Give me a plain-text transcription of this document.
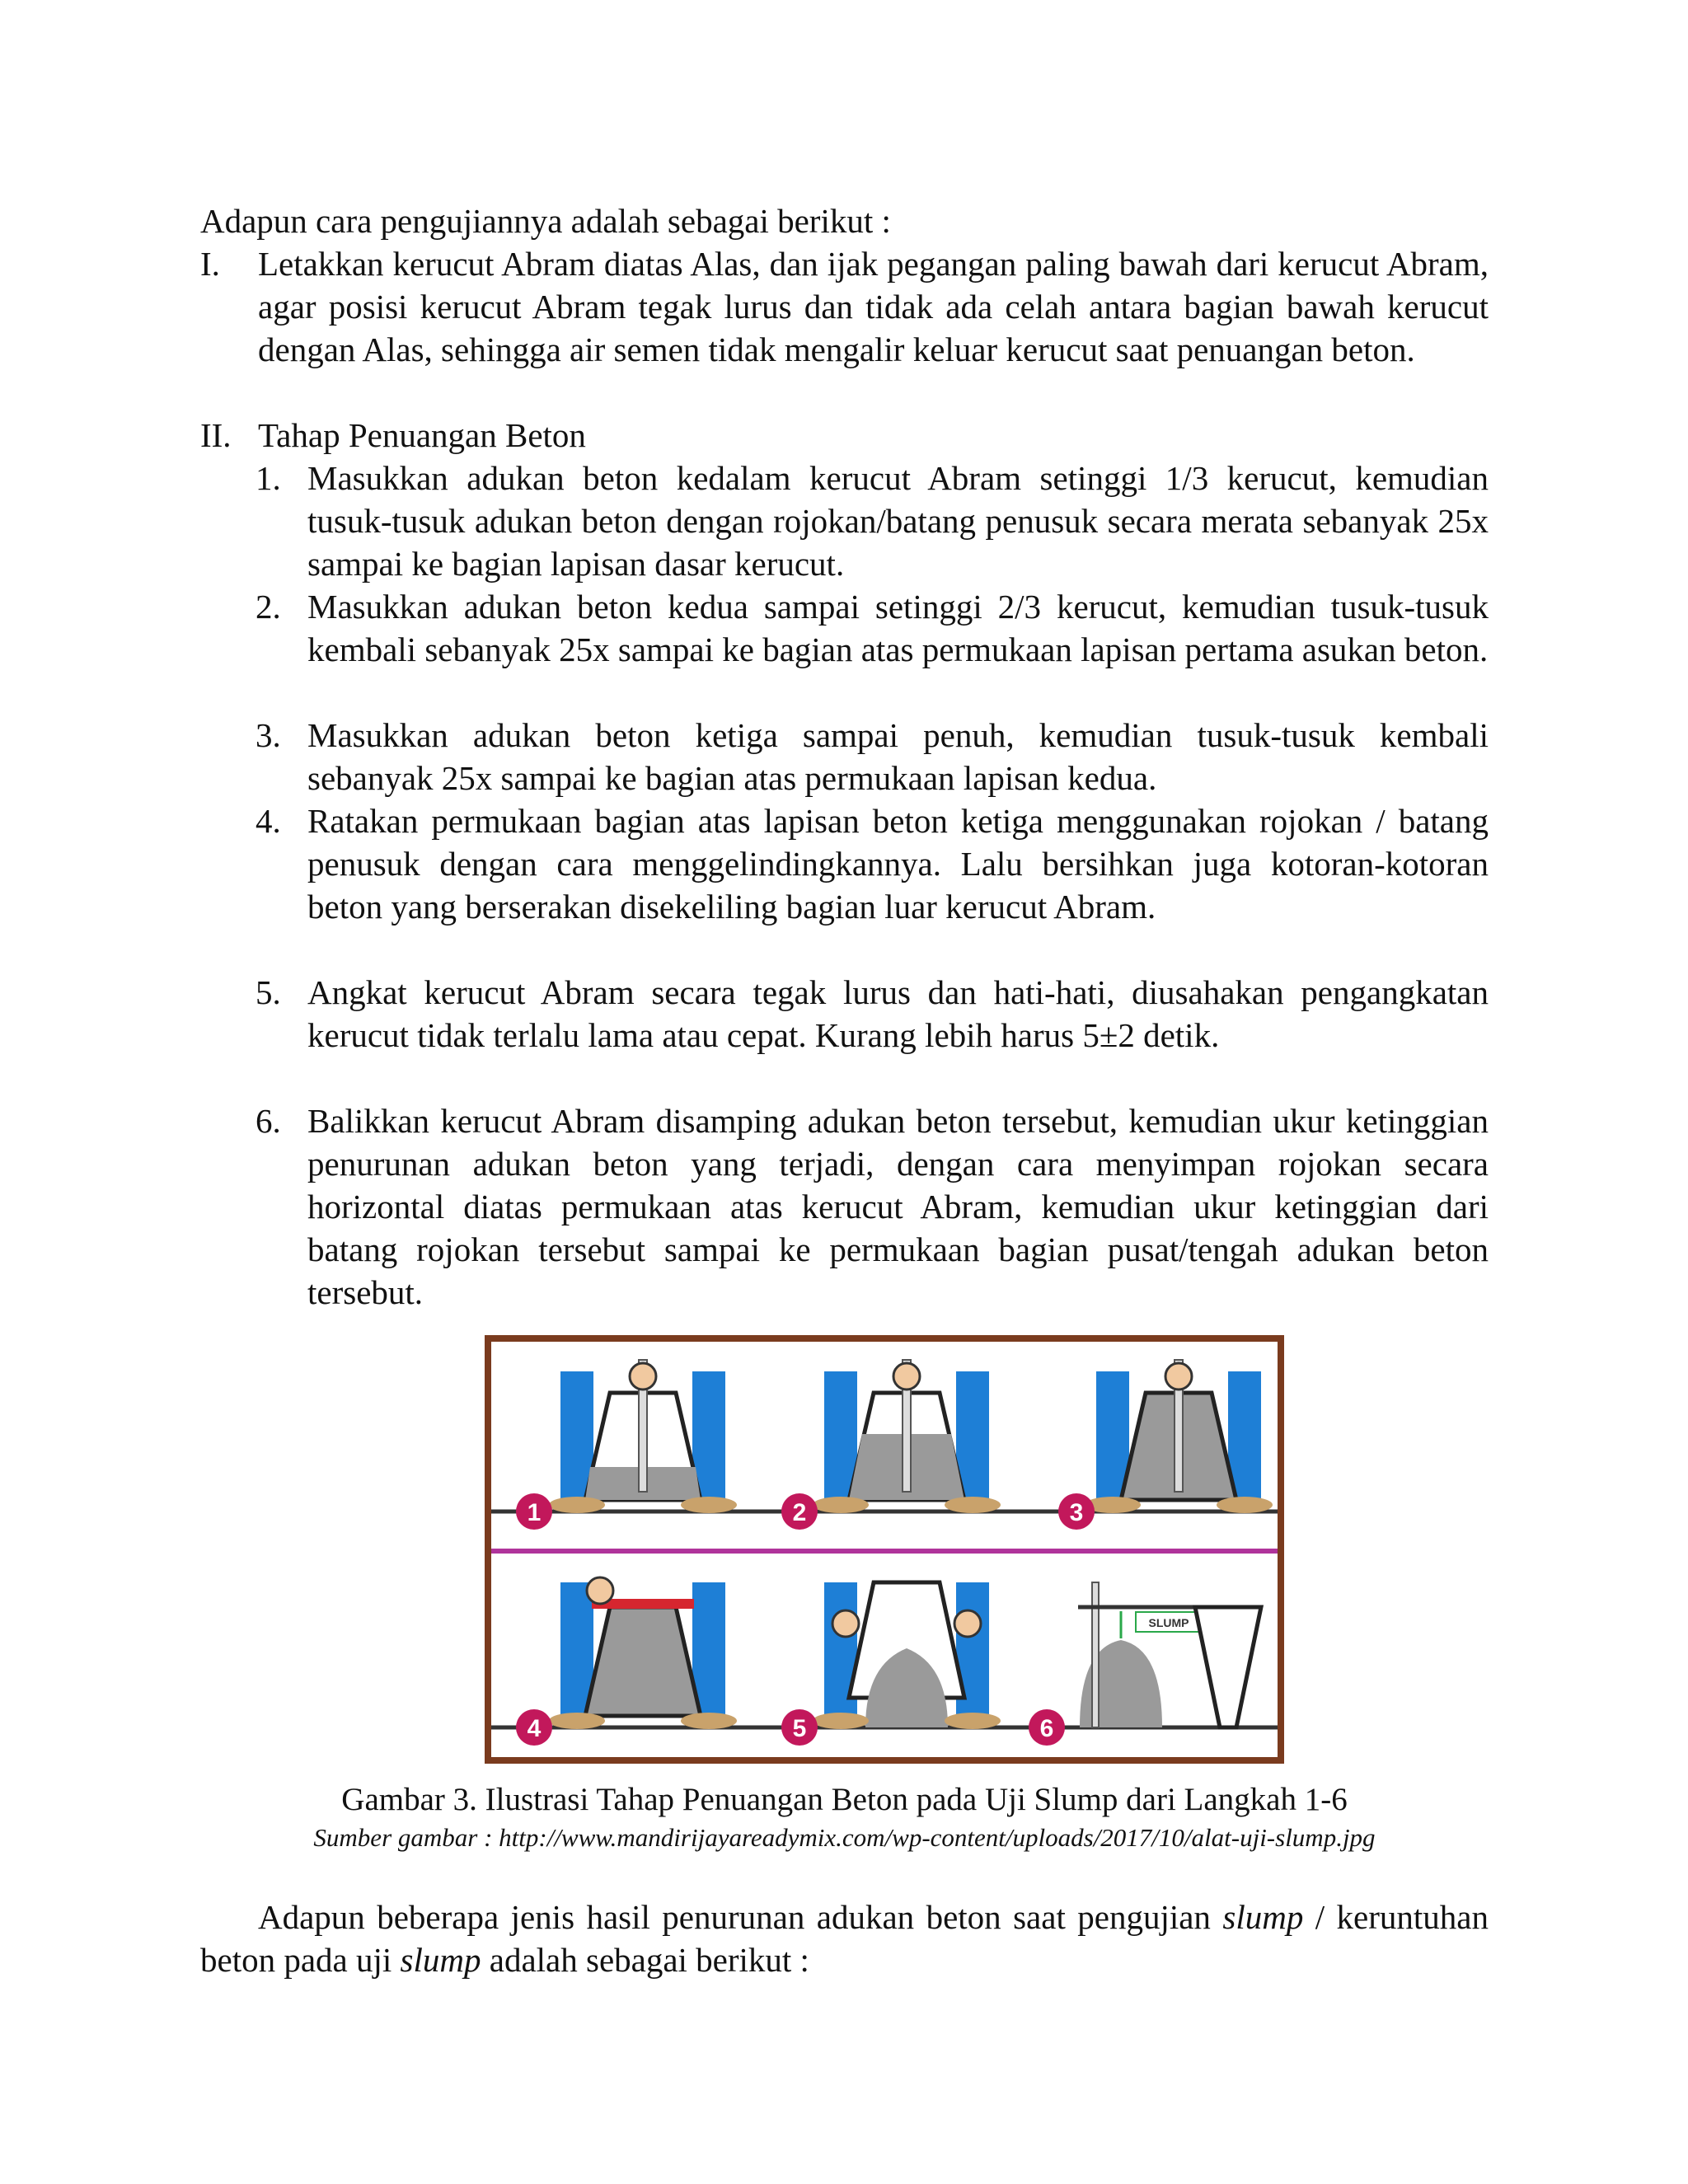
Adapun cara pengujiannya adalah sebagai berikut :
I.	Letakkan kerucut Abram diatas Alas, dan ijak pegangan paling bawah dari kerucut Abram, agar posisi kerucut Abram tegak lurus dan tidak ada celah antara bagian bawah kerucut dengan Alas, sehingga air semen tidak mengalir keluar kerucut saat penuangan beton.
II. Tahap Penuangan Beton
1. Masukkan adukan beton kedalam kerucut Abram setinggi 1/3 kerucut, kemudian tusuk-tusuk adukan beton dengan rojokan/batang penusuk secara merata sebanyak 25x sampai ke bagian lapisan dasar kerucut.
2. Masukkan adukan beton kedua sampai setinggi 2/3 kerucut, kemudian tusuk-tusuk kembali sebanyak 25x sampai ke bagian atas permukaan lapisan pertama asukan beton.
3. Masukkan adukan beton ketiga sampai penuh, kemudian tusuk-tusuk kembali sebanyak 25x sampai ke bagian atas permukaan lapisan kedua.
4. Ratakan permukaan bagian atas lapisan beton ketiga menggunakan rojokan / batang penusuk dengan cara menggelindingkannya. Lalu bersihkan juga kotoran-kotoran beton yang berserakan disekeliling bagian luar kerucut Abram.
5. Angkat kerucut Abram secara tegak lurus dan hati-hati, diusahakan pengangkatan kerucut tidak terlalu lama atau cepat. Kurang lebih harus 5±2 detik.
6. Balikkan kerucut Abram disamping adukan beton tersebut, kemudian ukur ketinggian penurunan adukan beton yang terjadi, dengan cara menyimpan rojokan secara horizontal diatas permukaan atas kerucut Abram, kemudian ukur ketinggian dari batang rojokan tersebut sampai ke permukaan bagian pusat/tengah adukan beton tersebut.
SLUMP
1	2	3
4	5	6
Gambar 3. Ilustrasi Tahap Penuangan Beton pada Uji Slump dari Langkah 1-6
Sumber gambar : http://www.mandirijayareadymix.com/wp-content/uploads/2017/10/alat-uji-slump.jpg
Adapun beberapa jenis hasil penurunan adukan beton saat pengujian slump / keruntuhan beton pada uji slump adalah sebagai berikut :
